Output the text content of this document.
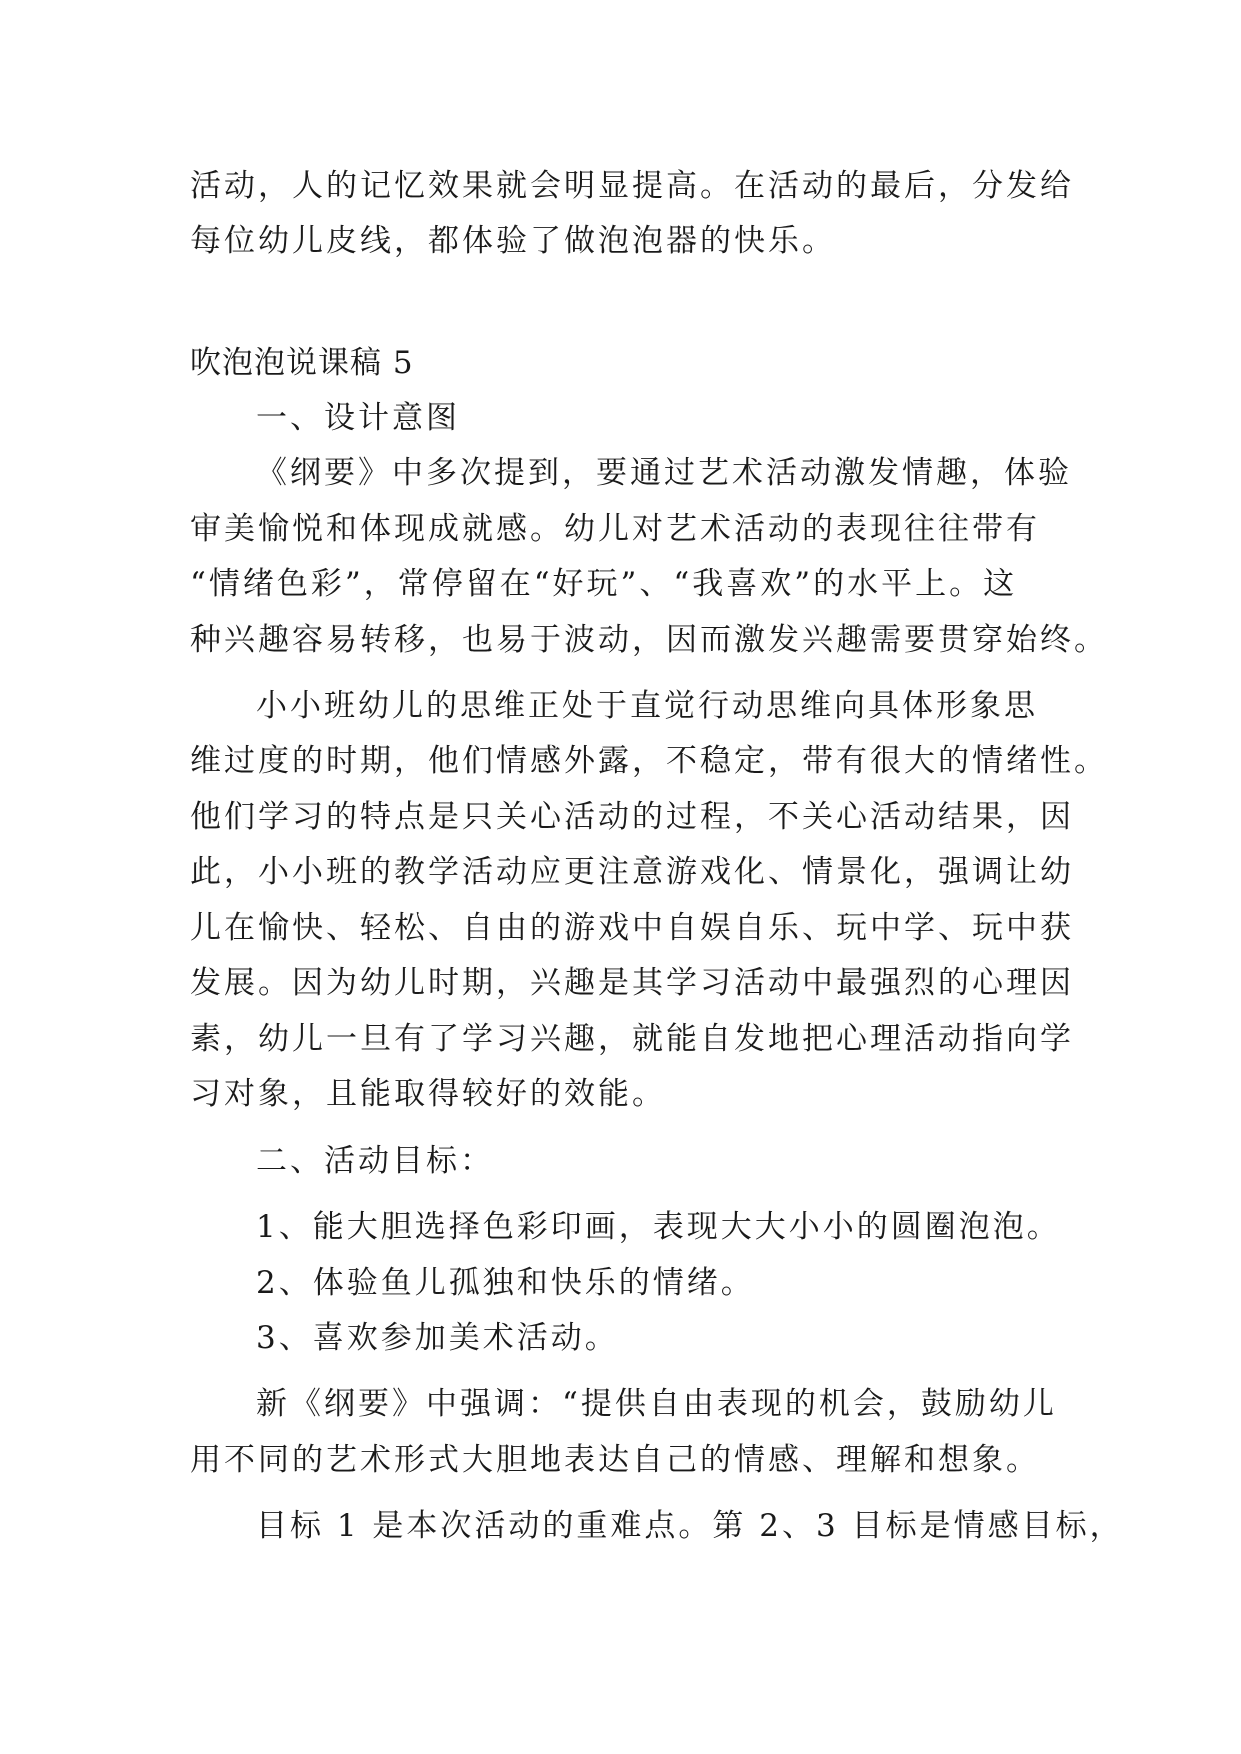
活动，人的记忆效果就会明显提高。在活动的最后，分发给
每位幼儿皮线，都体验了做泡泡器的快乐。
吹泡泡说课稿 5
一、设计意图
《纲要》中多次提到，要通过艺术活动激发情趣，体验
审美愉悦和体现成就感。幼儿对艺术活动的表现往往带有
“情绪色彩”，常停留在“好玩”、“我喜欢”的水平上。这
种兴趣容易转移，也易于波动，因而激发兴趣需要贯穿始终。
小小班幼儿的思维正处于直觉行动思维向具体形象思
维过度的时期，他们情感外露，不稳定，带有很大的情绪性。
他们学习的特点是只关心活动的过程，不关心活动结果，因
此，小小班的教学活动应更注意游戏化、情景化，强调让幼
儿在愉快、轻松、自由的游戏中自娱自乐、玩中学、玩中获
发展。因为幼儿时期，兴趣是其学习活动中最强烈的心理因
素，幼儿一旦有了学习兴趣，就能自发地把心理活动指向学
习对象，且能取得较好的效能。
二、活动目标：
1、能大胆选择色彩印画，表现大大小小的圆圈泡泡。
2、体验鱼儿孤独和快乐的情绪。
3、喜欢参加美术活动。
新《纲要》中强调：“提供自由表现的机会，鼓励幼儿
用不同的艺术形式大胆地表达自己的情感、理解和想象。
目标 1 是本次活动的重难点。第 2、3 目标是情感目标，
